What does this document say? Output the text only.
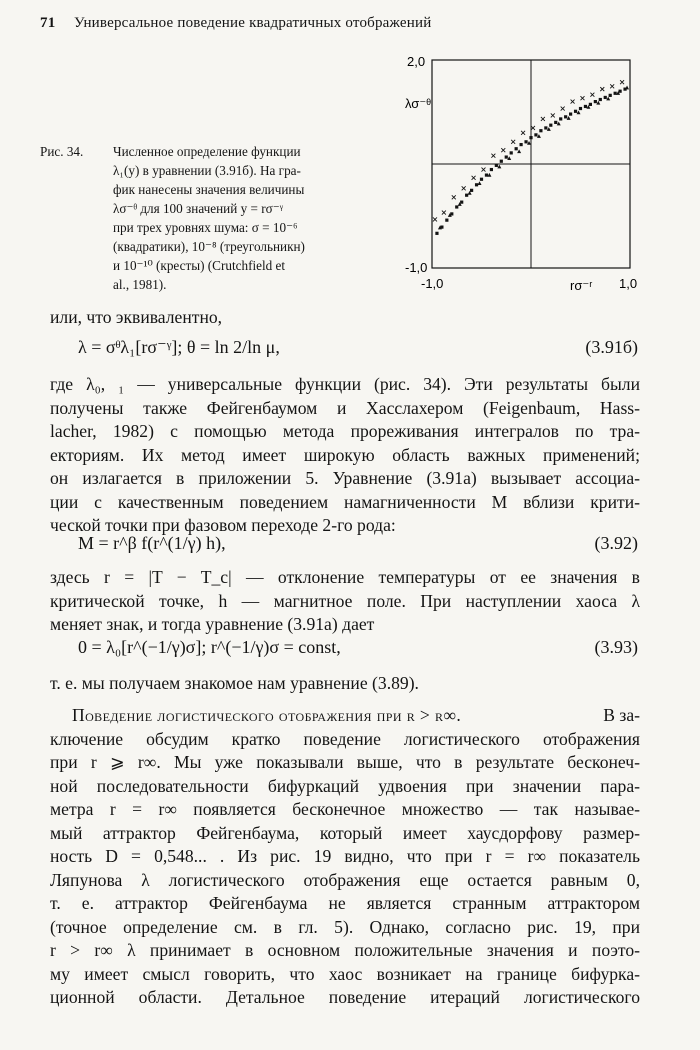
71 Универсальное поведение квадратичных отображений
Рис. 34. Численное определение функции
λ₁(y) в уравнении (3.91б). На гра-
фик нанесены значения величины
λσ⁻ᶿ для 100 значений y = rσ⁻ᵞ
при трех уровнях шума: σ = 10⁻⁶
(квадратики), 10⁻⁸ (треугольникн)
и 10⁻¹⁰ (кресты) (Crutchfield et
al., 1981).
2,0
λσ⁻ᶿ
-1,0
-1,0	rσ⁻ʳ 1,0
или, что эквивалентно,
λ = σᶿλ₁[rσ⁻ᵞ]; θ = ln 2/ln μ,	(3.91б)
где λ₀, ₁ — универсальные функции (рис. 34). Эти результаты были
получены также Фейгенбаумом и Хасслахером (Feigenbaum, Hass-
lacher, 1982) с помощью метода прореживания интегралов по тра-
екториям. Их метод имеет широкую область важных применений;
он излагается в приложении 5. Уравнение (3.91а) вызывает ассоциа-
ции с качественным поведением намагниченности M вблизи крити-
ческой точки при фазовом переходе 2-го рода:
M = r^β f(r^(1/γ) h),	(3.92)
здесь r = |T − T_c| — отклонение температуры от ее значения в
критической точке, h — магнитное поле. При наступлении хаоса λ
меняет знак, и тогда уравнение (3.91а) дает
0 = λ₀[r^(−1/γ)σ]; r^(−1/γ)σ = const,	(3.93)
т. е. мы получаем знакомое нам уравнение (3.89).
Поведение логистического отображения при r > r∞.	В за-
ключение обсудим кратко поведение логистического отображения
при r ⩾ r∞. Мы уже показывали выше, что в результате бесконеч-
ной последовательности бифуркаций удвоения при значении пара-
метра r = r∞ появляется бесконечное множество — так называе-
мый аттрактор Фейгенбаума, который имеет хаусдорфову размер-
ность D = 0,548... . Из рис. 19 видно, что при r = r∞ показатель
Ляпунова λ логистического отображения еще остается равным 0,
т. е. аттрактор Фейгенбаума не является странным аттрактором
(точное определение см. в гл. 5). Однако, согласно рис. 19, при
r > r∞ λ принимает в основном положительные значения и поэто-
му имеет смысл говорить, что хаос возникает на границе бифурка-
ционной области. Детальное поведение итераций логистического
